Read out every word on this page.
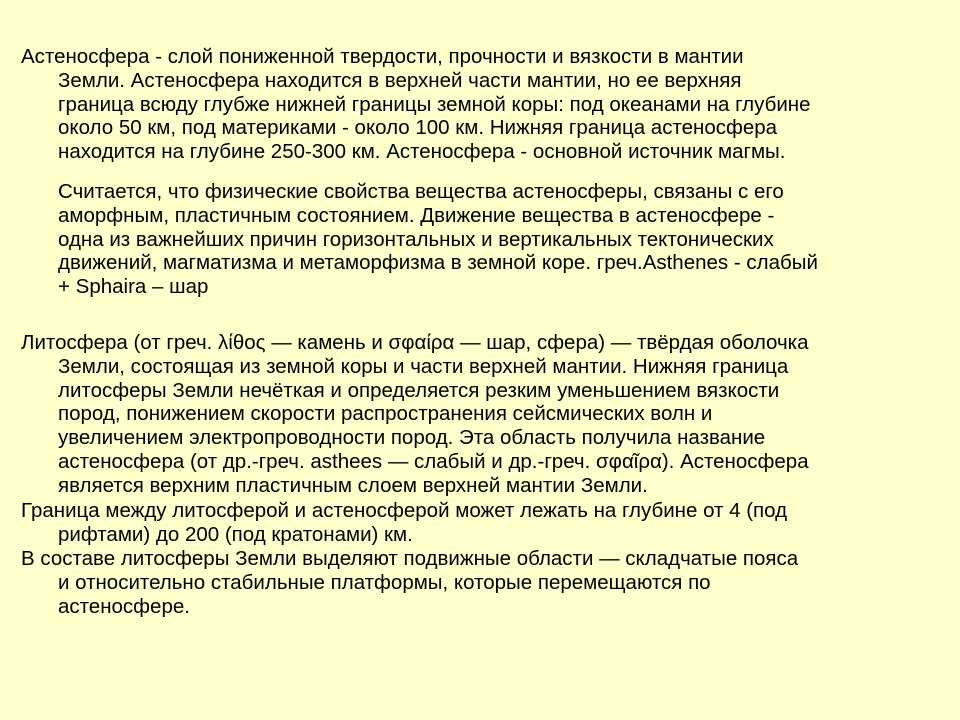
Астеносфера - слой пониженной твердости, прочности и вязкости в мантии
Земли. Астеносфера находится в верхней части мантии, но ее верхняя
граница всюду глубже нижней границы земной коры: под океанами на глубине
около 50 км, под материками - около 100 км. Нижняя граница астеносфера
находится на глубине 250-300 км. Астеносфера - основной источник магмы.
Считается, что физические свойства вещества астеносферы, связаны с его
аморфным, пластичным состоянием. Движение вещества в астеносфере -
одна из важнейших причин горизонтальных и вертикальных тектонических
движений, магматизма и метаморфизма в земной коре. греч.Asthenes - слабый
+ Sphaira – шар
Литосфера (от греч. λίθος — камень и σφαίρα — шар, сфера) — твёрдая оболочка
Земли, состоящая из земной коры и части верхней мантии. Нижняя граница
литосферы Земли нечёткая и определяется резким уменьшением вязкости
пород, понижением скорости распространения сейсмических волн и
увеличением электропроводности пород. Эта область получила название
астеносфера (от др.-греч. asthees — слабый и др.-греч. σφαῖρα). Астеносфера
является верхним пластичным слоем верхней мантии Земли.
Граница между литосферой и астеносферой может лежать на глубине от 4 (под
рифтами) до 200 (под кратонами) км.
В составе литосферы Земли выделяют подвижные области — складчатые пояса
и относительно стабильные платформы, которые перемещаются по
астеносфере.
